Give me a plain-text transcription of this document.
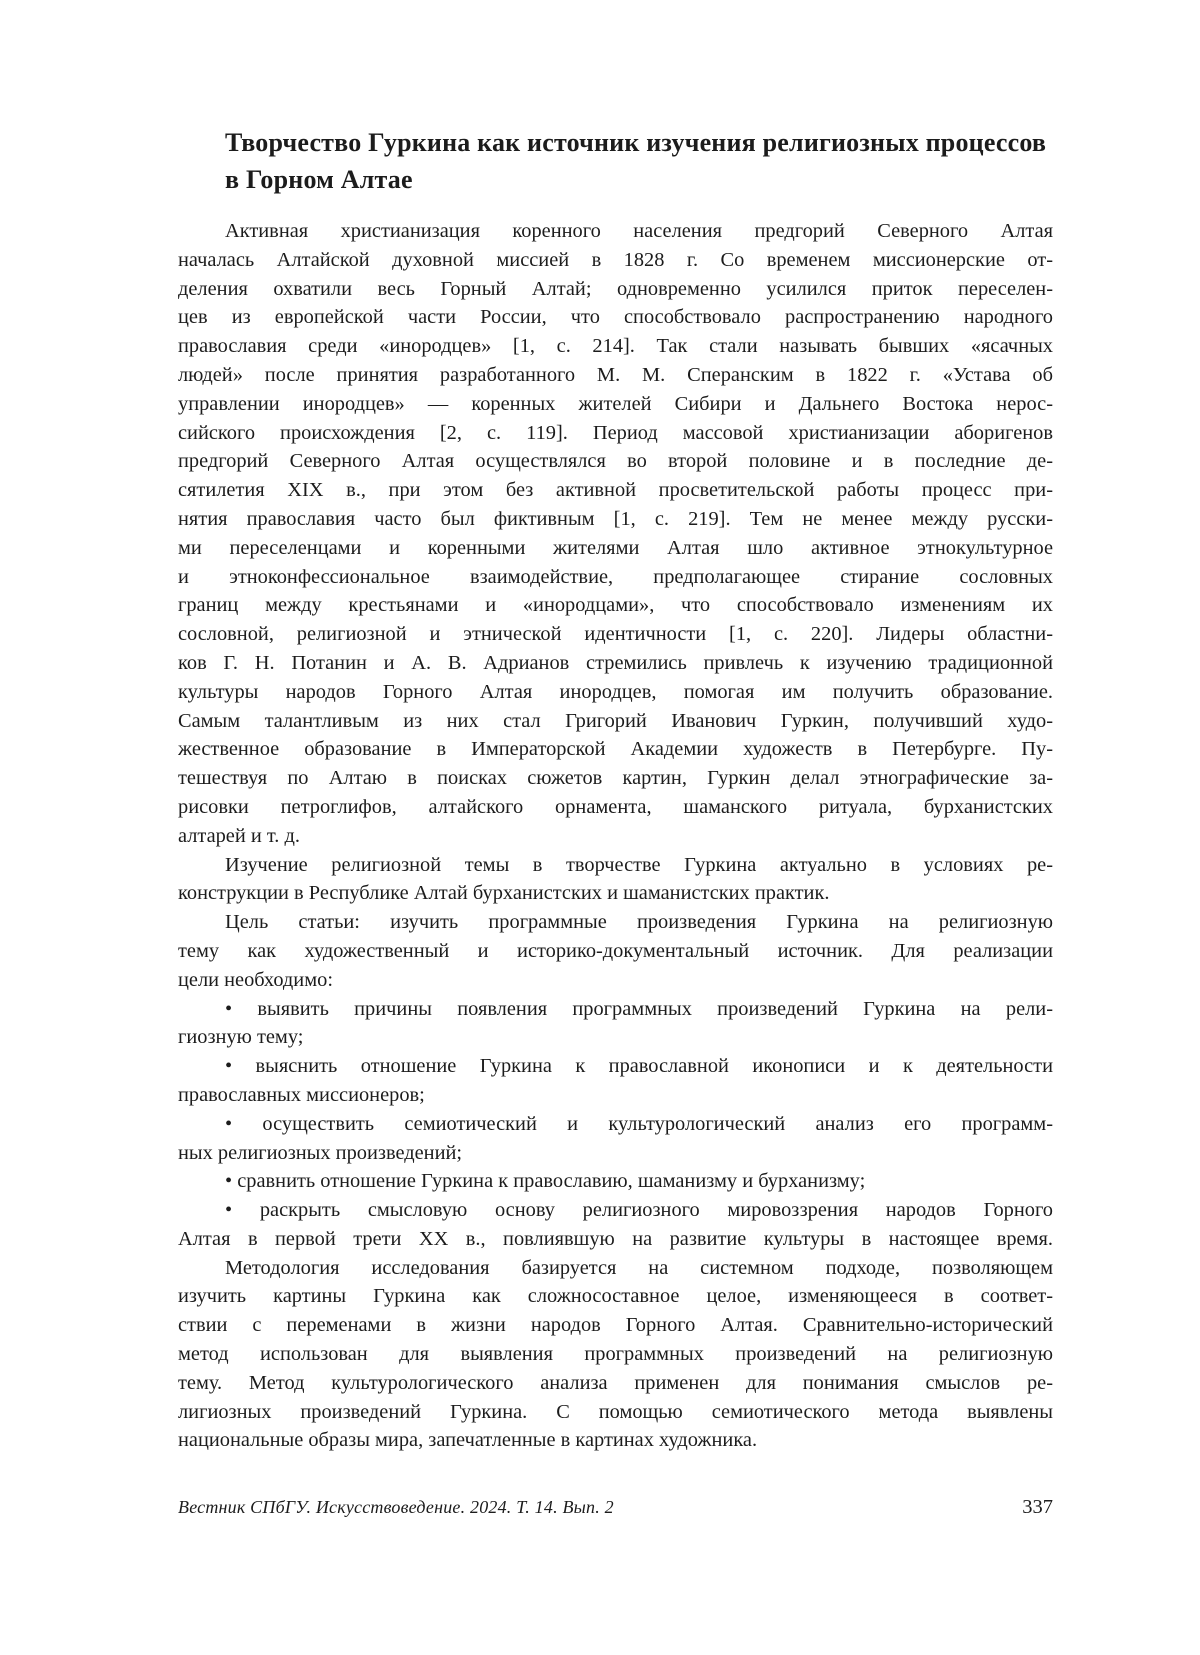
Творчество Гуркина как источник изучения религиозных процессов
в Горном Алтае
Активная христианизация коренного населения предгорий Северного Алтая
началась Алтайской духовной миссией в 1828 г. Со временем миссионерские от-
деления охватили весь Горный Алтай; одновременно усилился приток переселен-
цев из европейской части России, что способствовало распространению народного
православия среди «инородцев» [1, с. 214]. Так стали называть бывших «ясачных
людей» после принятия разработанного М. М. Сперанским в 1822 г. «Устава об
управлении инородцев» — коренных жителей Сибири и Дальнего Востока нерос-
сийского происхождения [2, с. 119]. Период массовой христианизации аборигенов
предгорий Северного Алтая осуществлялся во второй половине и в последние де-
сятилетия XIX в., при этом без активной просветительской работы процесс при-
нятия православия часто был фиктивным [1, с. 219]. Тем не менее между русски-
ми переселенцами и коренными жителями Алтая шло активное этнокультурное
и этноконфессиональное взаимодействие, предполагающее стирание сословных
границ между крестьянами и «инородцами», что способствовало изменениям их
сословной, религиозной и этнической идентичности [1, с. 220]. Лидеры областни-
ков Г. Н. Потанин и А. В. Адрианов стремились привлечь к изучению традиционной
культуры народов Горного Алтая инородцев, помогая им получить образование.
Самым талантливым из них стал Григорий Иванович Гуркин, получивший худо-
жественное образование в Императорской Академии художеств в Петербурге. Пу-
тешествуя по Алтаю в поисках сюжетов картин, Гуркин делал этнографические за-
рисовки петроглифов, алтайского орнамента, шаманского ритуала, бурханистских
алтарей и т. д.
Изучение религиозной темы в творчестве Гуркина актуально в условиях ре-
конструкции в Республике Алтай бурханистских и шаманистских практик.
Цель статьи: изучить программные произведения Гуркина на религиозную
тему как художественный и историко-документальный источник. Для реализации
цели необходимо:
• выявить причины появления программных произведений Гуркина на рели-
гиозную тему;
• выяснить отношение Гуркина к православной иконописи и к деятельности
православных миссионеров;
• осуществить семиотический и культурологический анализ его программ-
ных религиозных произведений;
• сравнить отношение Гуркина к православию, шаманизму и бурханизму;
• раскрыть смысловую основу религиозного мировоззрения народов Горного
Алтая в первой трети XX в., повлиявшую на развитие культуры в настоящее время.
Методология исследования базируется на системном подходе, позволяющем
изучить картины Гуркина как сложносоставное целое, изменяющееся в соответ-
ствии с переменами в жизни народов Горного Алтая. Сравнительно-исторический
метод использован для выявления программных произведений на религиозную
тему. Метод культурологического анализа применен для понимания смыслов ре-
лигиозных произведений Гуркина. С помощью семиотического метода выявлены
национальные образы мира, запечатленные в картинах художника.
Вестник СПбГУ. Искусствоведение. 2024. Т. 14. Вып. 2	337
